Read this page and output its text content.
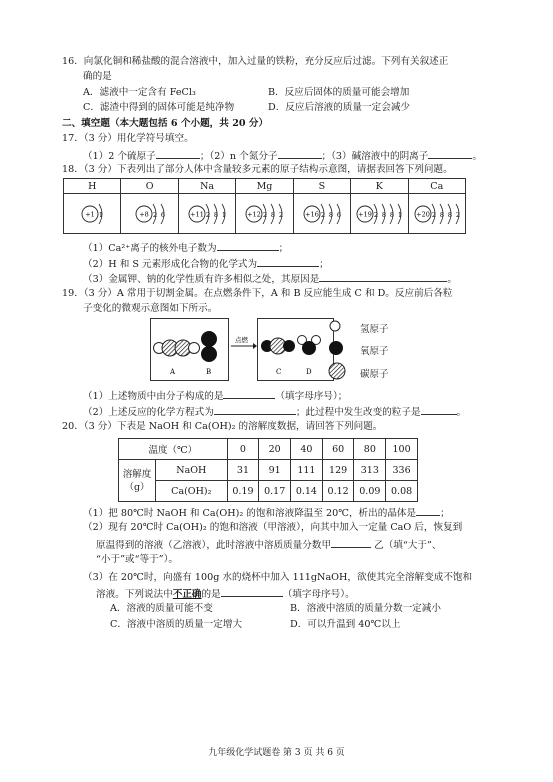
16．向氯化铜和稀盐酸的混合溶液中，加入过量的铁粉，充分反应后过滤。下列有关叙述正
确的是
A．滤液中一定含有 FeCl₃	B．反应后固体的质量可能会增加
C．滤渣中得到的固体可能是纯净物	D．反应后溶液的质量一定会减少
二、填空题（本大题包括 6 个小题，共 20 分）
17．（3 分）用化学符号填空。
（1）2 个硫原子	；（2）n 个氮分子	；（3）碱溶液中的阴离子	。
18．（3 分）下表列出了部分人体中含量较多元素的原子结构示意图，请据表回答下列问题。
H	O	Na	Mg	S	K	Ca

+1 1	+8 2 6	+11 2 8 1	+12 2 8 2	+16 2 8 6	+19 2 8 8 1	+20 2 8 8 2
（1）Ca²⁺离子的核外电子数为	；
（2）H 和 S 元素形成化合物的化学式为	；
（3）金属钾、钠的化学性质有许多相似之处，其原因是	。
19．（3 分）A 常用于切割金属。在点燃条件下，A 和 B 反应能生成 C 和 D。反应前后各粒
子变化的微观示意图如下所示。
A	B
点燃
C	D
氢原子
氧原子
碳原子
（1）上述物质中由分子构成的是	（填字母序号）；
（2）上述反应的化学方程式为	；此过程中发生改变的粒子是	。
20．（3 分）下表是 NaOH 和 Ca(OH)₂ 的溶解度数据，请回答下列问题。
温度（℃）		0	20	40	60	80	100
溶解度
（g）	NaOH	31	91	111	129	313	336
	Ca(OH)₂	0.19	0.17	0.14	0.12	0.09	0.08
（1）把 80℃时 NaOH 和 Ca(OH)₂ 的饱和溶液降温至 20℃，析出的晶体是	；
（2）现有 20℃时 Ca(OH)₂ 的饱和溶液（甲溶液），向其中加入一定量 CaO 后，恢复到
原温得到的溶液（乙溶液），此时溶液中溶质质量分数甲	乙（填“大于”、
“小于”或“等于”）。
（3）在 20℃时，向盛有 100g 水的烧杯中加入 111gNaOH，欲使其完全溶解变成不饱和
溶液。下列说法中不正确的是	（填字母序号）。
A．溶液的质量可能不变	B．溶液中溶质的质量分数一定减小
C．溶液中溶质的质量一定增大	D．可以升温到 40℃以上
九年级化学试题卷 第 3 页 共 6 页
